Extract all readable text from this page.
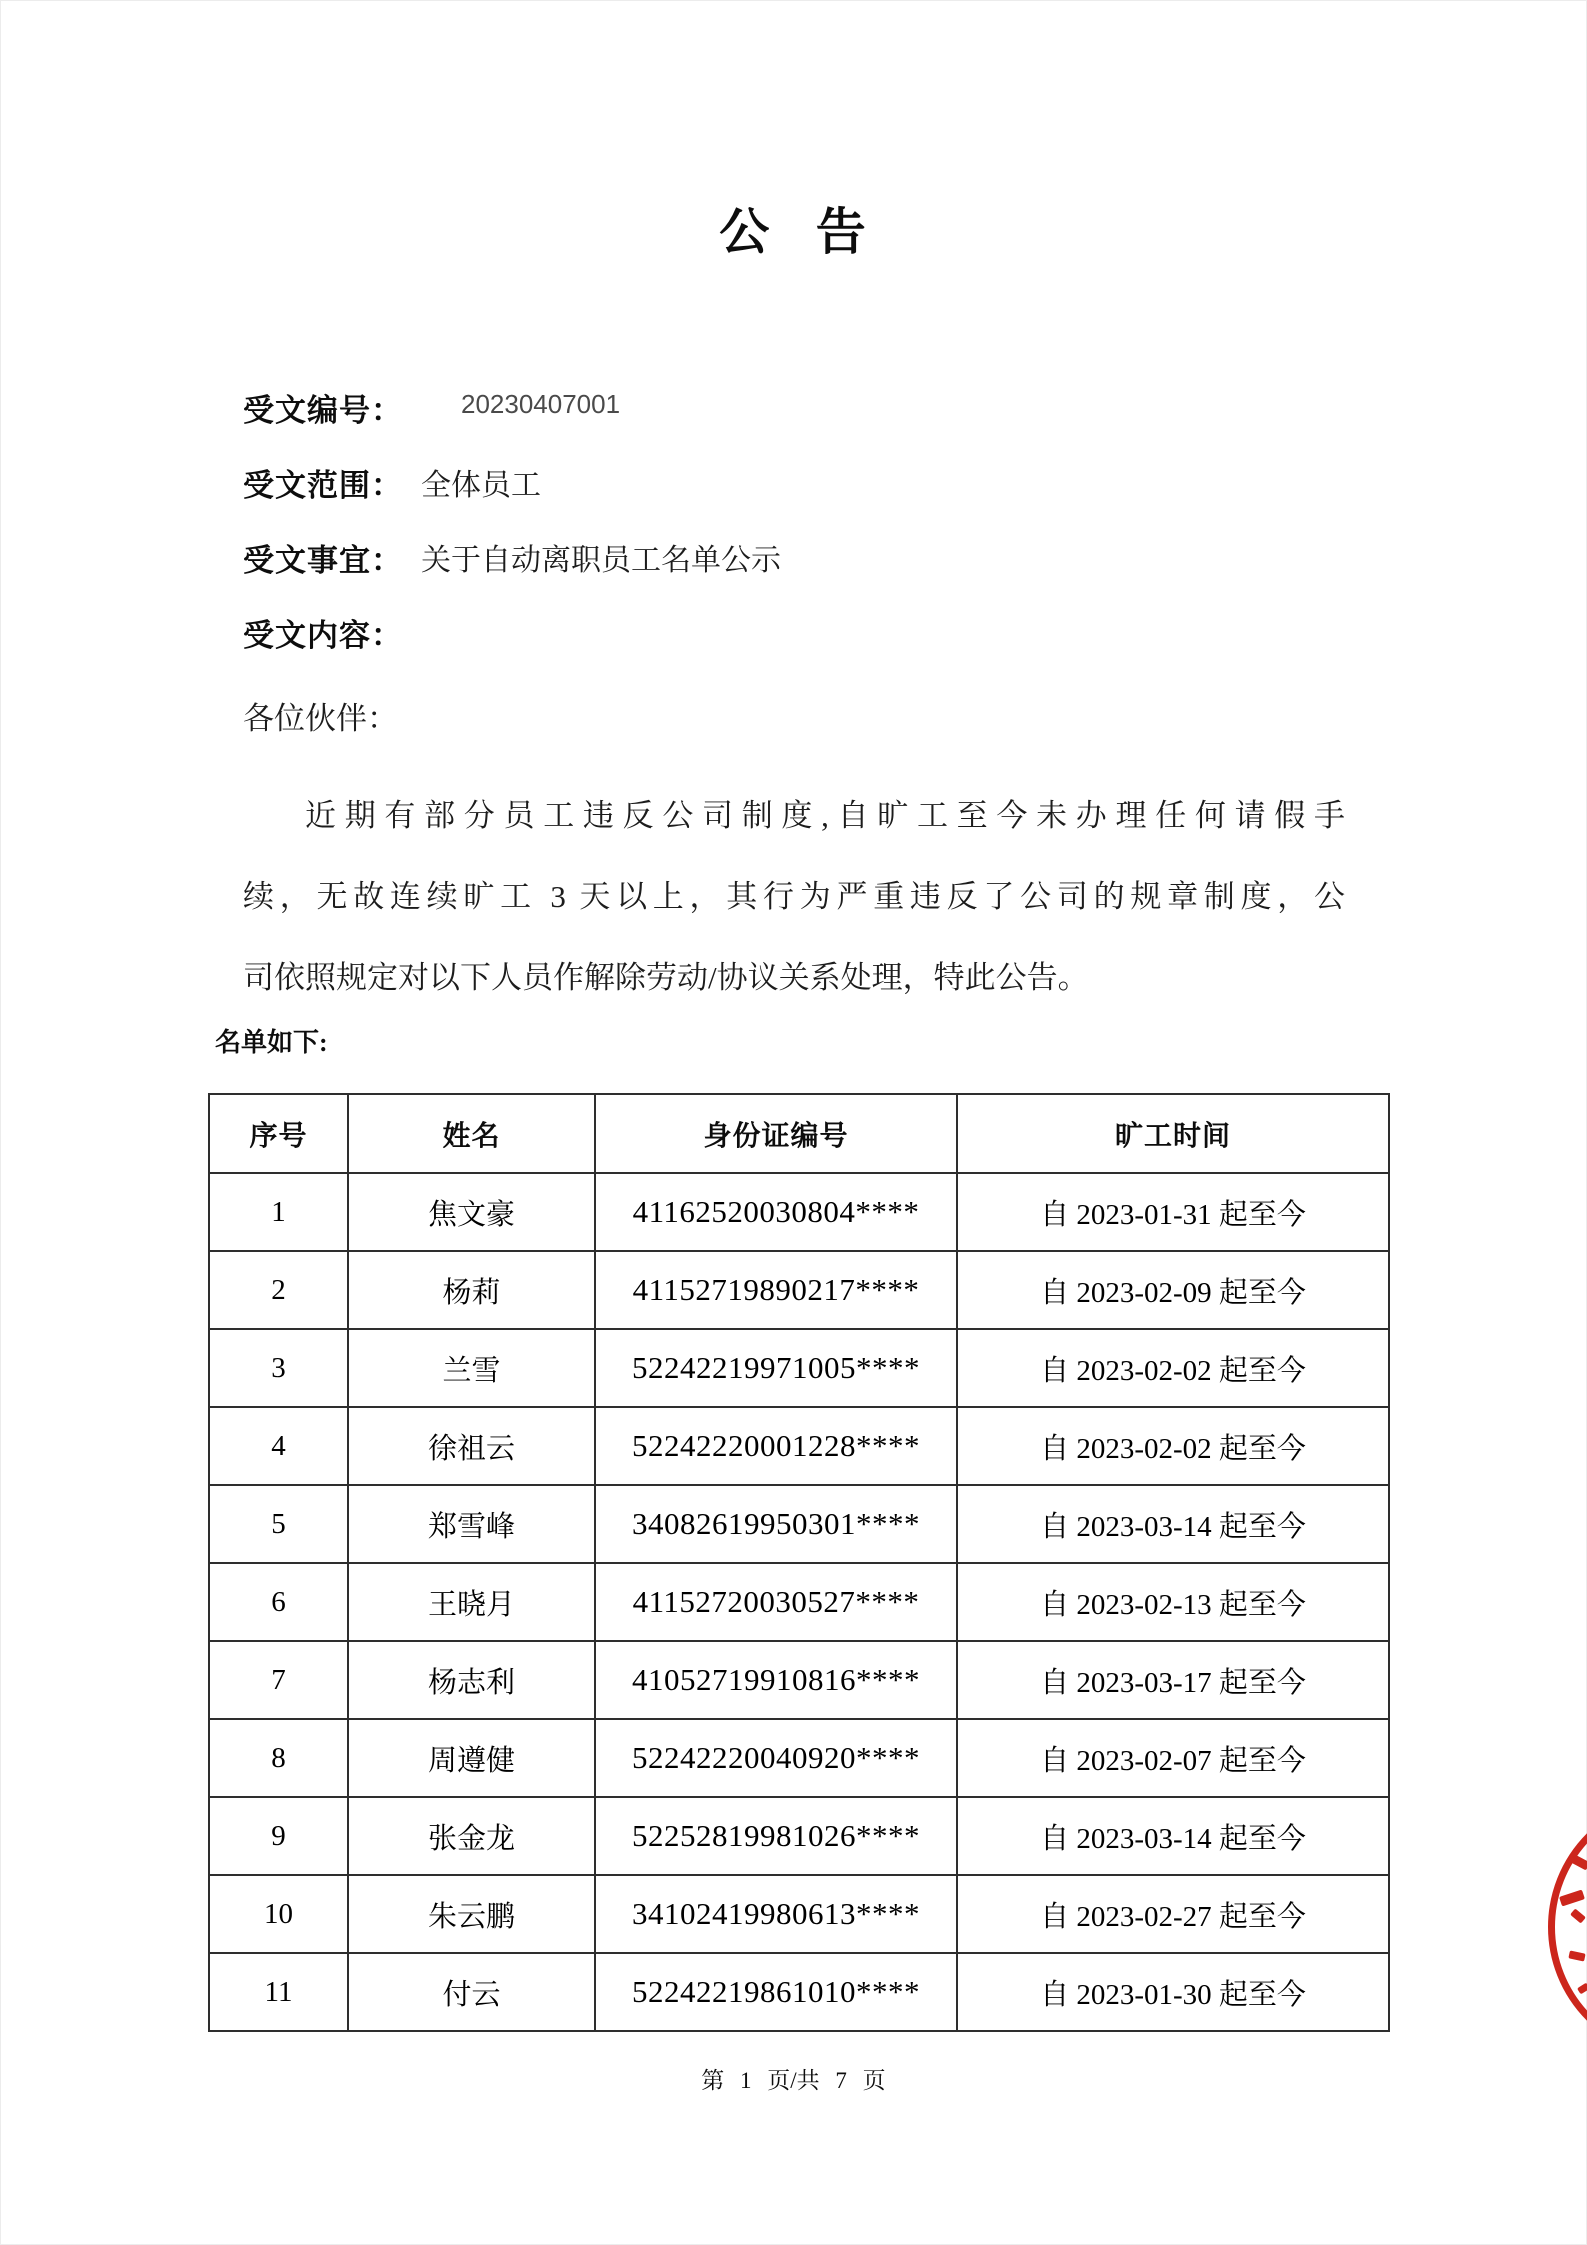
公 告
受文编号： 20230407001
受文范围： 全体员工
受文事宜： 关于自动离职员工名单公示
受文内容：
各位伙伴：
近期有部分员工违反公司制度,自旷工至今未办理任何请假手
续，无故连续旷工 3 天以上，其行为严重违反了公司的规章制度，公
司依照规定对以下人员作解除劳动/协议关系处理，特此公告。
名单如下:
序号	姓名	身份证编号	旷工时间
1	焦文豪	41162520030804****	自 2023-01-31 起至今
2	杨莉	41152719890217****	自 2023-02-09 起至今
3	兰雪	52242219971005****	自 2023-02-02 起至今
4	徐祖云	52242220001228****	自 2023-02-02 起至今
5	郑雪峰	34082619950301****	自 2023-03-14 起至今
6	王晓月	41152720030527****	自 2023-02-13 起至今
7	杨志利	41052719910816****	自 2023-03-17 起至今
8	周遵健	52242220040920****	自 2023-02-07 起至今
9	张金龙	52252819981026****	自 2023-03-14 起至今
10	朱云鹏	34102419980613****	自 2023-02-27 起至今
11	付云	52242219861010****	自 2023-01-30 起至今
第 1 页/共 7 页
